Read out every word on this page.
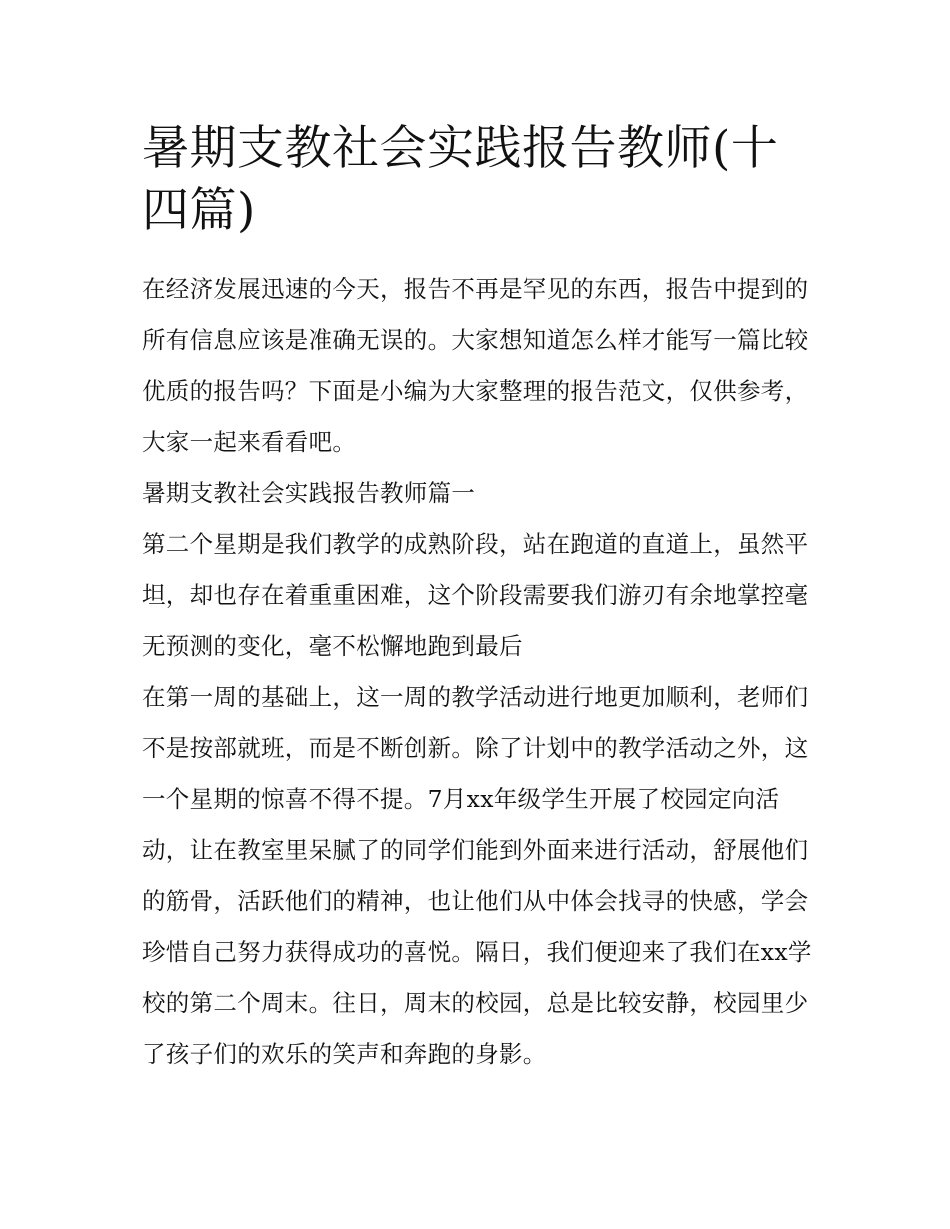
暑期支教社会实践报告教师(十四篇)

在经济发展迅速的今天，报告不再是罕见的东西，报告中提到的所有信息应该是准确无误的。大家想知道怎么样才能写一篇比较优质的报告吗？下面是小编为大家整理的报告范文，仅供参考，大家一起来看看吧。

暑期支教社会实践报告教师篇一

第二个星期是我们教学的成熟阶段，站在跑道的直道上，虽然平坦，却也存在着重重困难，这个阶段需要我们游刃有余地掌控毫无预测的变化，毫不松懈地跑到最后

在第一周的基础上，这一周的教学活动进行地更加顺利，老师们不是按部就班，而是不断创新。除了计划中的教学活动之外，这一个星期的惊喜不得不提。7月xx年级学生开展了校园定向活动，让在教室里呆腻了的同学们能到外面来进行活动，舒展他们的筋骨，活跃他们的精神，也让他们从中体会找寻的快感，学会珍惜自己努力获得成功的喜悦。隔日，我们便迎来了我们在xx学校的第二个周末。往日，周末的校园，总是比较安静，校园里少了孩子们的欢乐的笑声和奔跑的身影。
